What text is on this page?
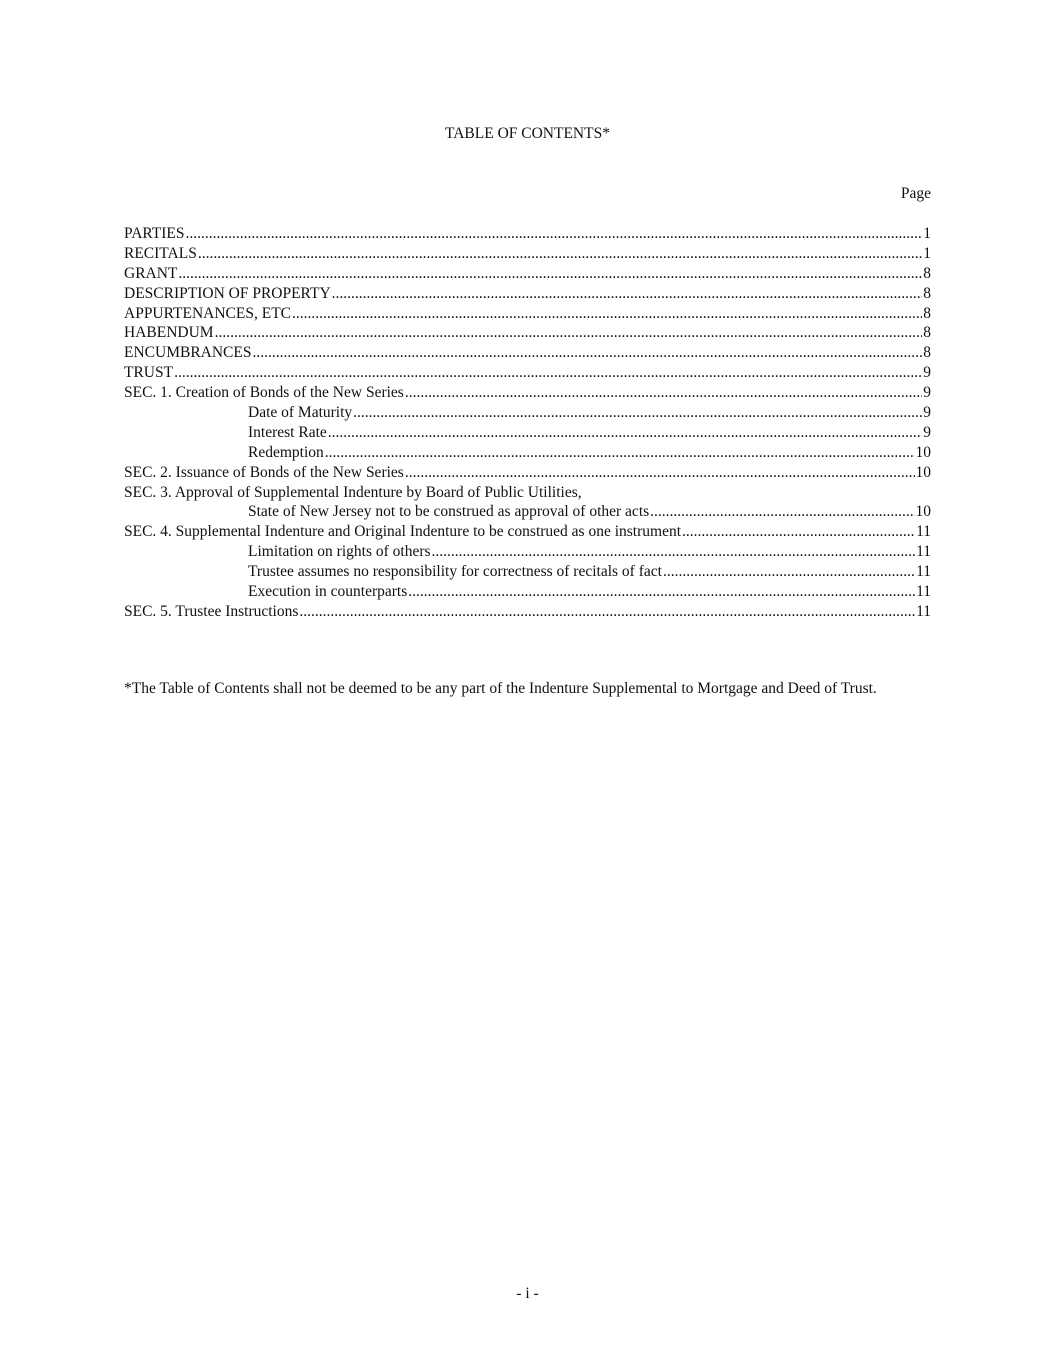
TABLE OF CONTENTS*
Page
PARTIES .....	1
RECITALS .....	1
GRANT .....	8
DESCRIPTION OF PROPERTY .....	8
APPURTENANCES, ETC .....	8
HABENDUM .....	8
ENCUMBRANCES .....	8
TRUST .....	9
SEC. 1. Creation of Bonds of the New Series .....	9
Date of Maturity .....	9
Interest Rate .....	9
Redemption .....	10
SEC. 2. Issuance of Bonds of the New Series .....	10
SEC. 3. Approval of Supplemental Indenture by Board of Public Utilities,
State of New Jersey not to be construed as approval of other acts .....	10
SEC. 4. Supplemental Indenture and Original Indenture to be construed as one instrument .....	11
Limitation on rights of others .....	11
Trustee assumes no responsibility for correctness of recitals of fact .....	11
Execution in counterparts .....	11
SEC. 5. Trustee Instructions .....	11
*The Table of Contents shall not be deemed to be any part of the Indenture Supplemental to Mortgage and Deed of Trust.
- i -
